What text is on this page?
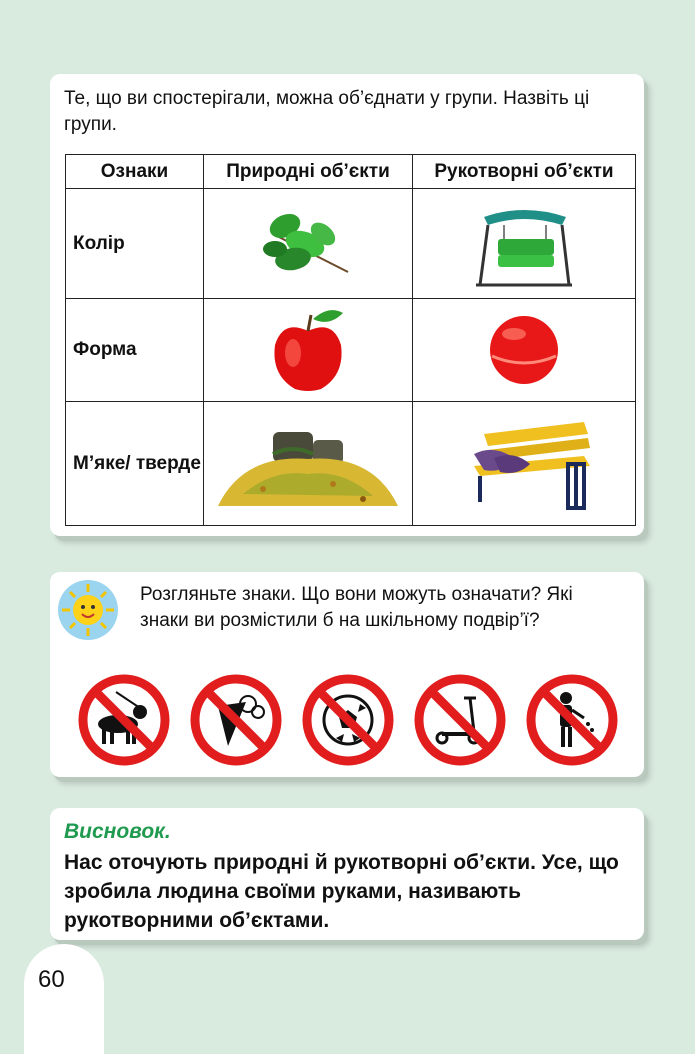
Те, що ви спостерігали, можна об’єднати у групи. Назвіть ці групи.
Ознаки	Природні об’єкти	Рукотворні об’єкти
Колір		
Форма		
М’яке/ тверде		
Розгляньте знаки. Що вони можуть означати? Які знаки ви розмістили б на шкільному подвір’ї?
Висновок.
Нас оточують природні й рукотворні об’єкти. Усе, що зробила людина своїми руками, називають рукотворними об’єктами.
60
